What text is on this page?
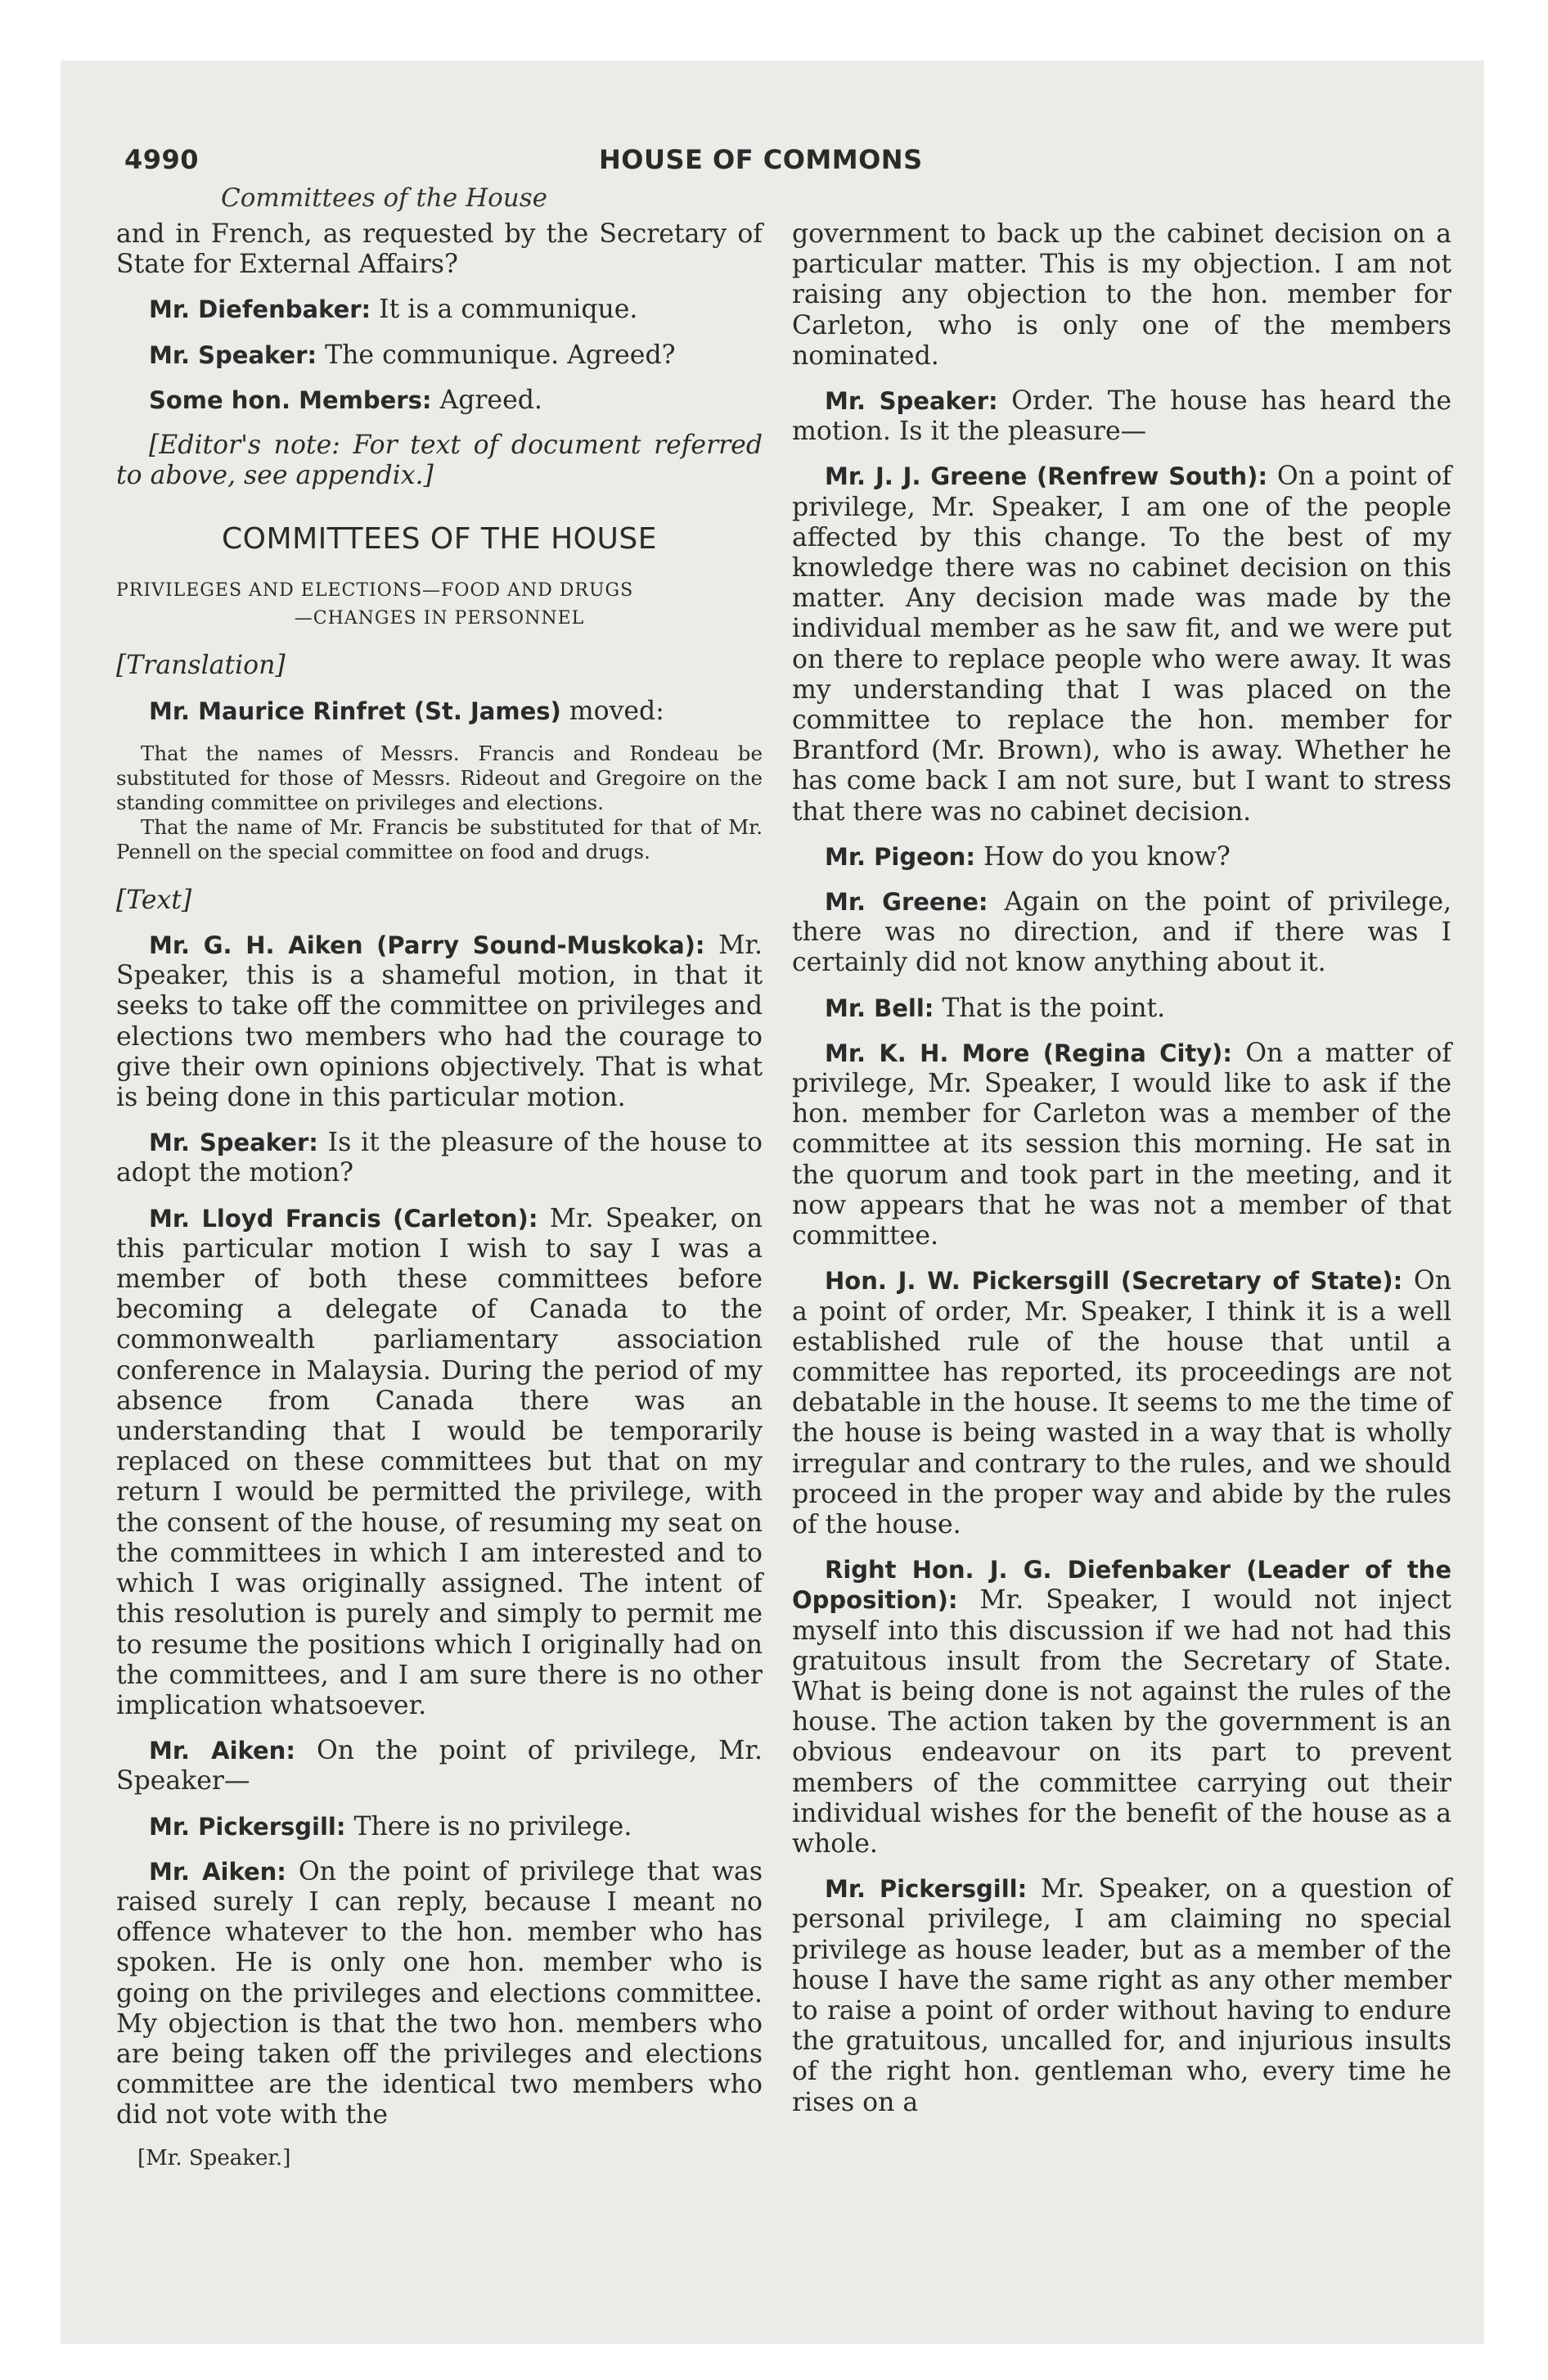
4990	HOUSE OF COMMONS
Committees of the House

and in French, as requested by the Secretary of State for External Affairs?

Mr. Diefenbaker: It is a communique.

Mr. Speaker: The communique. Agreed?

Some hon. Members: Agreed.

[Editor's note: For text of document referred to above, see appendix.]

COMMITTEES OF THE HOUSE

PRIVILEGES AND ELECTIONS—FOOD AND DRUGS

—CHANGES IN PERSONNEL

[Translation]

Mr. Maurice Rinfret (St. James) moved:

That the names of Messrs. Francis and Rondeau be substituted for those of Messrs. Rideout and Gregoire on the standing committee on privileges and elections.

That the name of Mr. Francis be substituted for that of Mr. Pennell on the special committee on food and drugs.

[Text]

Mr. G. H. Aiken (Parry Sound-Muskoka): Mr. Speaker, this is a shameful motion, in that it seeks to take off the committee on privileges and elections two members who had the courage to give their own opinions objectively. That is what is being done in this particular motion.

Mr. Speaker: Is it the pleasure of the house to adopt the motion?

Mr. Lloyd Francis (Carleton): Mr. Speaker, on this particular motion I wish to say I was a member of both these committees before becoming a delegate of Canada to the commonwealth parliamentary association conference in Malaysia. During the period of my absence from Canada there was an understanding that I would be temporarily replaced on these committees but that on my return I would be permitted the privilege, with the consent of the house, of resuming my seat on the committees in which I am interested and to which I was originally assigned. The intent of this resolution is purely and simply to permit me to resume the positions which I originally had on the committees, and I am sure there is no other implication whatsoever.

Mr. Aiken: On the point of privilege, Mr. Speaker—

Mr. Pickersgill: There is no privilege.

Mr. Aiken: On the point of privilege that was raised surely I can reply, because I meant no offence whatever to the hon. member who has spoken. He is only one hon. member who is going on the privileges and elections committee. My objection is that the two hon. members who are being taken off the privileges and elections committee are the identical two members who did not vote with the

[Mr. Speaker.]

government to back up the cabinet decision on a particular matter. This is my objection. I am not raising any objection to the hon. member for Carleton, who is only one of the members nominated.

Mr. Speaker: Order. The house has heard the motion. Is it the pleasure—

Mr. J. J. Greene (Renfrew South): On a point of privilege, Mr. Speaker, I am one of the people affected by this change. To the best of my knowledge there was no cabinet decision on this matter. Any decision made was made by the individual member as he saw fit, and we were put on there to replace people who were away. It was my understanding that I was placed on the committee to replace the hon. member for Brantford (Mr. Brown), who is away. Whether he has come back I am not sure, but I want to stress that there was no cabinet decision.

Mr. Pigeon: How do you know?

Mr. Greene: Again on the point of privilege, there was no direction, and if there was I certainly did not know anything about it.

Mr. Bell: That is the point.

Mr. K. H. More (Regina City): On a matter of privilege, Mr. Speaker, I would like to ask if the hon. member for Carleton was a member of the committee at its session this morning. He sat in the quorum and took part in the meeting, and it now appears that he was not a member of that committee.

Hon. J. W. Pickersgill (Secretary of State): On a point of order, Mr. Speaker, I think it is a well established rule of the house that until a committee has reported, its proceedings are not debatable in the house. It seems to me the time of the house is being wasted in a way that is wholly irregular and contrary to the rules, and we should proceed in the proper way and abide by the rules of the house.

Right Hon. J. G. Diefenbaker (Leader of the Opposition): Mr. Speaker, I would not inject myself into this discussion if we had not had this gratuitous insult from the Secretary of State. What is being done is not against the rules of the house. The action taken by the government is an obvious endeavour on its part to prevent members of the committee carrying out their individual wishes for the benefit of the house as a whole.

Mr. Pickersgill: Mr. Speaker, on a question of personal privilege, I am claiming no special privilege as house leader, but as a member of the house I have the same right as any other member to raise a point of order without having to endure the gratuitous, uncalled for, and injurious insults of the right hon. gentleman who, every time he rises on a
